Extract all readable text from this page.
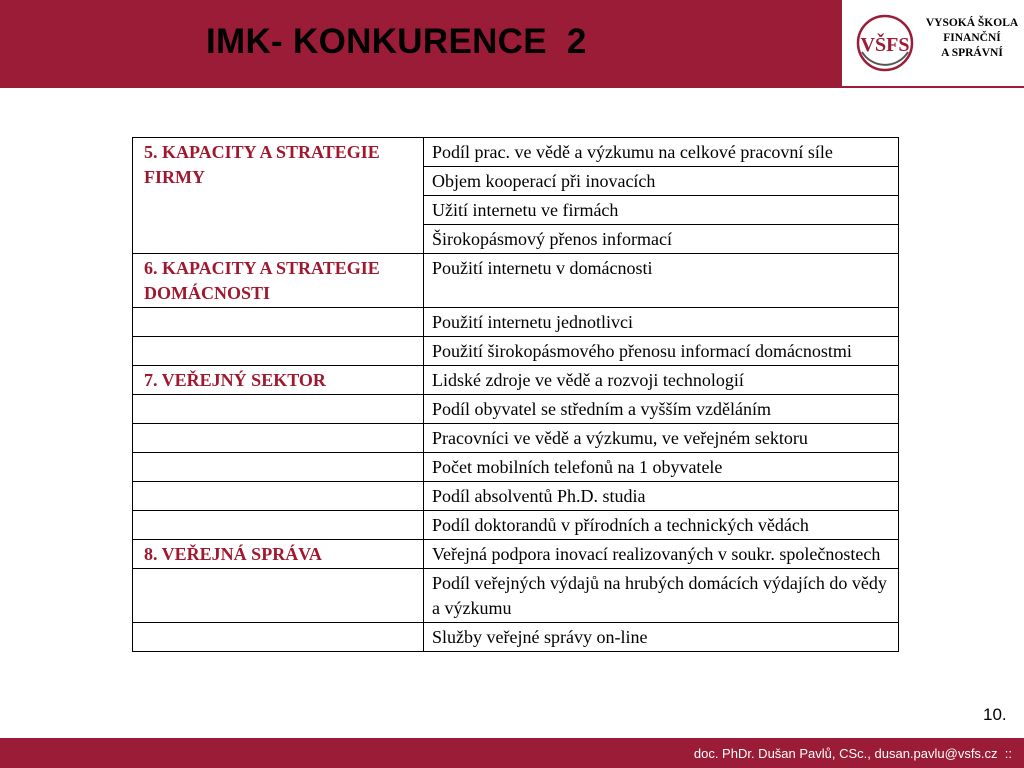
IMK- KONKURENCE  2	VŠFS
VYSOKÁ ŠKOLA
FINANČNÍ
A SPRÁVNÍ
5. KAPACITY A STRATEGIE FIRMY	Podíl prac. ve vědě a výzkumu na celkové pracovní síle
	Objem kooperací při inovacích
	Užití internetu ve firmách
	Širokopásmový přenos informací
6. KAPACITY A STRATEGIE DOMÁCNOSTI	Použití internetu v domácnosti
	Použití internetu jednotlivci
	Použití širokopásmového přenosu informací domácnostmi
7. VEŘEJNÝ SEKTOR	Lidské zdroje ve vědě a rozvoji technologií
	Podíl obyvatel se středním a vyšším vzděláním
	Pracovníci ve vědě a výzkumu, ve veřejném sektoru
	Počet mobilních telefonů na 1 obyvatele
	Podíl absolventů Ph.D. studia
	Podíl doktorandů v přírodních a technických vědách
8. VEŘEJNÁ SPRÁVA	Veřejná podpora inovací realizovaných v soukr. společnostech
	Podíl veřejných výdajů na hrubých domácích výdajích do vědy a výzkumu
	Služby veřejné správy on-line
10.
doc. PhDr. Dušan Pavlů, CSc., dusan.pavlu@vsfs.cz  ::
